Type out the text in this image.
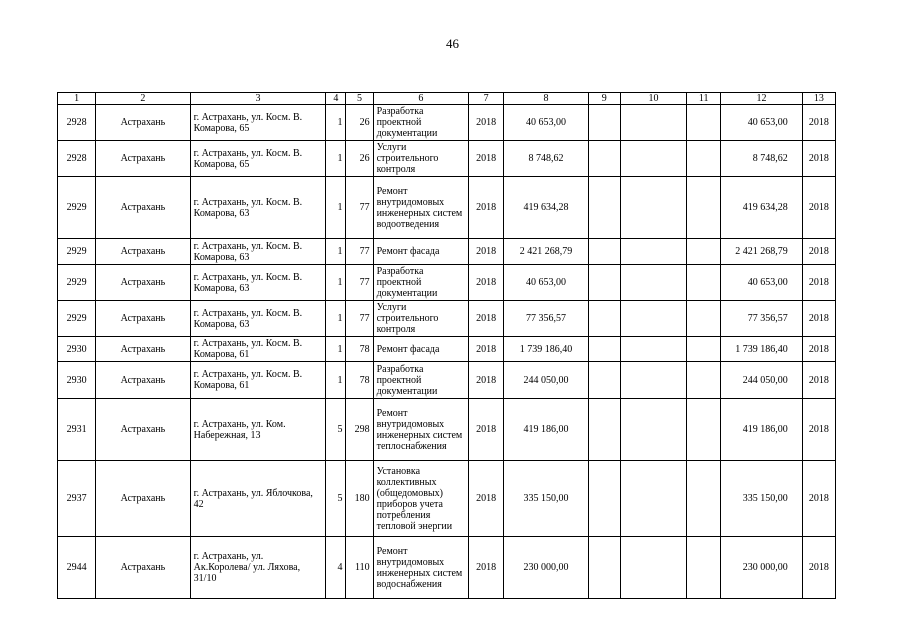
46
1	2	3	4	5	6	7	8	9	10	11	12	13
2928	Астрахань	г. Астрахань, ул. Косм. В. Комарова, 65	1	26	Разработка проектной документации	2018	40 653,00				40 653,00	2018
2928	Астрахань	г. Астрахань, ул. Косм. В. Комарова, 65	1	26	Услуги строительного контроля	2018	8 748,62				8 748,62	2018
2929	Астрахань	г. Астрахань, ул. Косм. В. Комарова, 63	1	77	Ремонт внутридомовых инженерных систем водоотведения	2018	419 634,28				419 634,28	2018
2929	Астрахань	г. Астрахань, ул. Косм. В. Комарова, 63	1	77	Ремонт фасада	2018	2 421 268,79				2 421 268,79	2018
2929	Астрахань	г. Астрахань, ул. Косм. В. Комарова, 63	1	77	Разработка проектной документации	2018	40 653,00				40 653,00	2018
2929	Астрахань	г. Астрахань, ул. Косм. В. Комарова, 63	1	77	Услуги строительного контроля	2018	77 356,57				77 356,57	2018
2930	Астрахань	г. Астрахань, ул. Косм. В. Комарова, 61	1	78	Ремонт фасада	2018	1 739 186,40				1 739 186,40	2018
2930	Астрахань	г. Астрахань, ул. Косм. В. Комарова, 61	1	78	Разработка проектной документации	2018	244 050,00				244 050,00	2018
2931	Астрахань	г. Астрахань, ул. Ком. Набережная, 13	5	298	Ремонт внутридомовых инженерных систем теплоснабжения	2018	419 186,00				419 186,00	2018
2937	Астрахань	г. Астрахань, ул. Яблочкова, 42	5	180	Установка коллективных (общедомовых) приборов учета потребления тепловой энергии	2018	335 150,00				335 150,00	2018
2944	Астрахань	г. Астрахань, ул. Ак.Королева/ ул. Ляхова, 31/10	4	110	Ремонт внутридомовых инженерных систем водоснабжения	2018	230 000,00				230 000,00	2018
